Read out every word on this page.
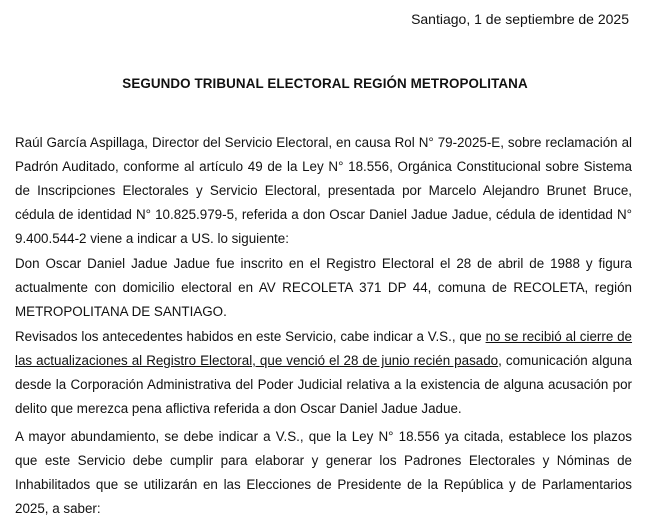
Santiago, 1 de septiembre de 2025
SEGUNDO TRIBUNAL ELECTORAL REGIÓN METROPOLITANA

Raúl García Aspillaga, Director del Servicio Electoral, en causa Rol N° 79-2025-E, sobre reclamación al Padrón Auditado, conforme al artículo 49 de la Ley N° 18.556, Orgánica Constitucional sobre Sistema de Inscripciones Electorales y Servicio Electoral, presentada por Marcelo Alejandro Brunet Bruce, cédula de identidad N° 10.825.979-5, referida a don Oscar Daniel Jadue Jadue, cédula de identidad N° 9.400.544-2 viene a indicar a US. lo siguiente:

Don Oscar Daniel Jadue Jadue fue inscrito en el Registro Electoral el 28 de abril de 1988 y figura actualmente con domicilio electoral en AV RECOLETA 371 DP 44, comuna de RECOLETA, región METROPOLITANA DE SANTIAGO.

Revisados los antecedentes habidos en este Servicio, cabe indicar a V.S., que no se recibió al cierre de las actualizaciones al Registro Electoral, que venció el 28 de junio recién pasado, comunicación alguna desde la Corporación Administrativa del Poder Judicial relativa a la existencia de alguna acusación por delito que merezca pena aflictiva referida a don Oscar Daniel Jadue Jadue.

A mayor abundamiento, se debe indicar a V.S., que la Ley N° 18.556 ya citada, establece los plazos que este Servicio debe cumplir para elaborar y generar los Padrones Electorales y Nóminas de Inhabilitados que se utilizarán en las Elecciones de Presidente de la República y de Parlamentarios 2025, a saber:
